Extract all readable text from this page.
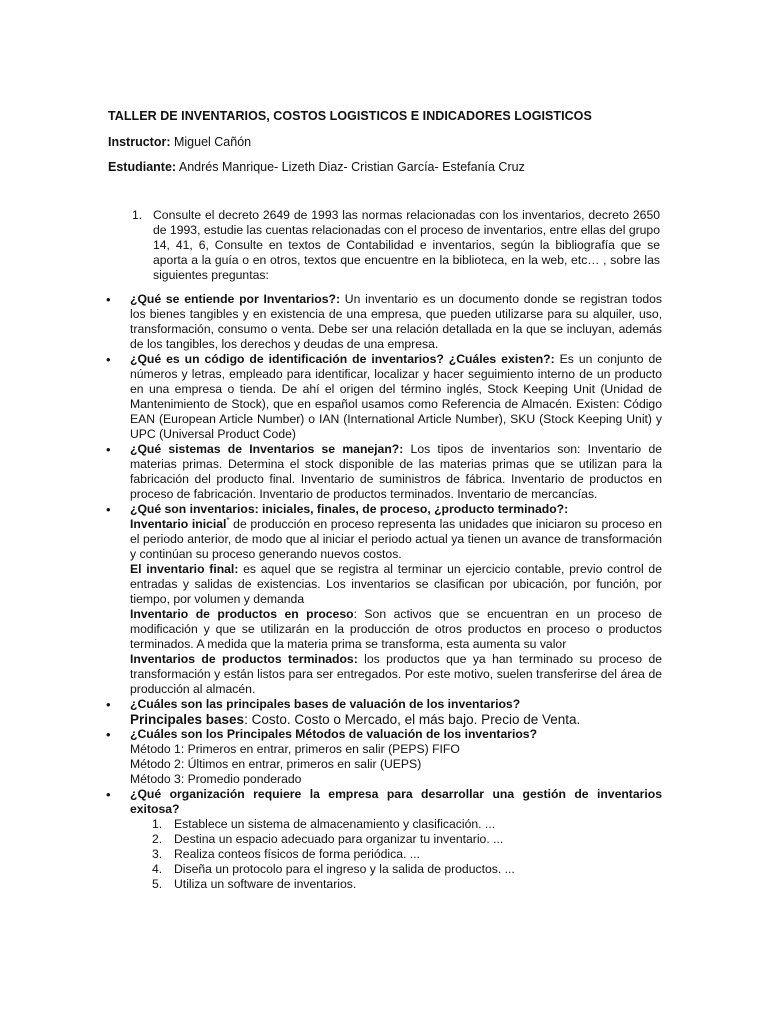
TALLER DE INVENTARIOS, COSTOS LOGISTICOS E INDICADORES LOGISTICOS
Instructor: Miguel Cañón
Estudiante: Andrés Manrique- Lizeth Diaz- Cristian García- Estefanía Cruz
1. Consulte el decreto 2649 de 1993 las normas relacionadas con los inventarios, decreto 2650 de 1993, estudie las cuentas relacionadas con el proceso de inventarios, entre ellas del grupo 14, 41, 6, Consulte en textos de Contabilidad e inventarios, según la bibliografía que se aporta a la guía o en otros, textos que encuentre en la biblioteca, en la web, etc… , sobre las siguientes preguntas:
• ¿Qué se entiende por Inventarios?: Un inventario es un documento donde se registran todos los bienes tangibles y en existencia de una empresa, que pueden utilizarse para su alquiler, uso, transformación, consumo o venta. Debe ser una relación detallada en la que se incluyan, además de los tangibles, los derechos y deudas de una empresa.
• ¿Qué es un código de identificación de inventarios? ¿Cuáles existen?: Es un conjunto de números y letras, empleado para identificar, localizar y hacer seguimiento interno de un producto en una empresa o tienda. De ahí el origen del término inglés, Stock Keeping Unit (Unidad de Mantenimiento de Stock), que en español usamos como Referencia de Almacén. Existen: Código EAN (European Article Number) o IAN (International Article Number), SKU (Stock Keeping Unit) y UPC (Universal Product Code)
• ¿Qué sistemas de Inventarios se manejan?: Los tipos de inventarios son: Inventario de materias primas. Determina el stock disponible de las materias primas que se utilizan para la fabricación del producto final. Inventario de suministros de fábrica. Inventario de productos en proceso de fabricación. Inventario de productos terminados. Inventario de mercancías.
• ¿Qué son inventarios: iniciales, finales, de proceso, ¿producto terminado?:
Inventario inicial* de producción en proceso representa las unidades que iniciaron su proceso en el periodo anterior, de modo que al iniciar el periodo actual ya tienen un avance de transformación y continúan su proceso generando nuevos costos.
El inventario final: es aquel que se registra al terminar un ejercicio contable, previo control de entradas y salidas de existencias. Los inventarios se clasifican por ubicación, por función, por tiempo, por volumen y demanda
Inventario de productos en proceso: Son activos que se encuentran en un proceso de modificación y que se utilizarán en la producción de otros productos en proceso o productos terminados. A medida que la materia prima se transforma, esta aumenta su valor
Inventarios de productos terminados: los productos que ya han terminado su proceso de transformación y están listos para ser entregados. Por este motivo, suelen transferirse del área de producción al almacén.
• ¿Cuáles son las principales bases de valuación de los inventarios?
Principales bases: Costo. Costo o Mercado, el más bajo. Precio de Venta.
• ¿Cuáles son los Principales Métodos de valuación de los inventarios?
Método 1: Primeros en entrar, primeros en salir (PEPS) FIFO
Método 2: Últimos en entrar, primeros en salir (UEPS)
Método 3: Promedio ponderado
• ¿Qué organización requiere la empresa para desarrollar una gestión de inventarios exitosa?
1. Establece un sistema de almacenamiento y clasificación. ...
2. Destina un espacio adecuado para organizar tu inventario. ...
3. Realiza conteos físicos de forma periódica. ...
4. Diseña un protocolo para el ingreso y la salida de productos. ...
5. Utiliza un software de inventarios.
